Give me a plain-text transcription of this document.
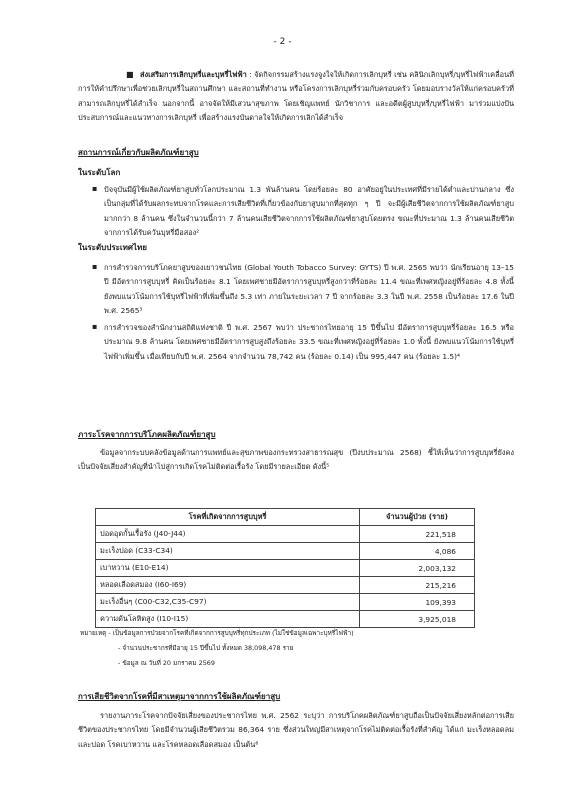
- 2 -
■ ส่งเสริมการเลิกบุหรี่และบุหรี่ไฟฟ้า : จัดกิจกรรมสร้างแรงจูงใจให้เกิดการเลิกบุหรี่ เช่น คลินิกเลิกบุหรี่/บุหรี่ไฟฟ้าเคลื่อนที่ การให้คำปรึกษาเพื่อช่วยเลิกบุหรี่ในสถานศึกษา และสถานที่ทำงาน หรือโครงการเลิกบุหรี่ร่วมกับครอบครัว โดยมอบรางวัลให้แก่ครอบครัวที่สามารถเลิกบุหรี่ได้สำเร็จ นอกจากนี้ อาจจัดให้มีเสวนาสุขภาพ โดยเชิญแพทย์ นักวิชาการ และอดีตผู้สูบบุหรี่/บุหรี่ไฟฟ้า มาร่วมแบ่งปันประสบการณ์และแนวทางการเลิกบุหรี่ เพื่อสร้างแรงบันดาลใจให้เกิดการเลิกได้สำเร็จ
สถานการณ์เกี่ยวกับผลิตภัณฑ์ยาสูบ
ในระดับโลก
▪ ปัจจุบันมีผู้ใช้ผลิตภัณฑ์ยาสูบทั่วโลกประมาณ 1.3 พันล้านคน โดยร้อยละ 80 อาศัยอยู่ในประเทศที่มีรายได้ต่ำและปานกลาง ซึ่งเป็นกลุ่มที่ได้รับผลกระทบจากโรคและการเสียชีวิตที่เกี่ยวข้องกับยาสูบมากที่สุดทุก ๆ ปี จะมีผู้เสียชีวิตจากการใช้ผลิตภัณฑ์ยาสูบมากกว่า 8 ล้านคน ซึ่งในจำนวนนี้กว่า 7 ล้านคนเสียชีวิตจากการใช้ผลิตภัณฑ์ยาสูบโดยตรง ขณะที่ประมาณ 1.3 ล้านคนเสียชีวิตจากการได้รับควันบุหรี่มือสอง²
ในระดับประเทศไทย
▪ การสำรวจการบริโภคยาสูบของเยาวชนไทย (Global Youth Tobacco Survey: GYTS) ปี พ.ศ. 2565 พบว่า นักเรียนอายุ 13–15 ปี มีอัตราการสูบบุหรี่ คิดเป็นร้อยละ 8.1 โดยเพศชายมีอัตราการสูบบุหรี่สูงกว่าที่ร้อยละ 11.4 ขณะที่เพศหญิงอยู่ที่ร้อยละ 4.8 ทั้งนี้ ยังพบแนวโน้มการใช้บุหรี่ไฟฟ้าที่เพิ่มขึ้นถึง 5.3 เท่า ภายในระยะเวลา 7 ปี จากร้อยละ 3.3 ในปี พ.ศ. 2558 เป็นร้อยละ 17.6 ในปี พ.ศ. 2565³
▪ การสำรวจของสำนักงานสถิติแห่งชาติ ปี พ.ศ. 2567 พบว่า ประชากรไทยอายุ 15 ปีขึ้นไป มีอัตราการสูบบุหรี่ร้อยละ 16.5 หรือประมาณ 9.8 ล้านคน โดยเพศชายมีอัตราการสูบสูงถึงร้อยละ 33.5 ขณะที่เพศหญิงอยู่ที่ร้อยละ 1.0 ทั้งนี้ ยังพบแนวโน้มการใช้บุหรี่ไฟฟ้าเพิ่มขึ้น เมื่อเทียบกับปี พ.ศ. 2564 จากจำนวน 78,742 คน (ร้อยละ 0.14) เป็น 995,447 คน (ร้อยละ 1.5)⁴
ภาระโรคจากการบริโภคผลิตภัณฑ์ยาสูบ
ข้อมูลจากระบบคลังข้อมูลด้านการแพทย์และสุขภาพของกระทรวงสาธารณสุข (ปีงบประมาณ 2568) ชี้ให้เห็นว่าการสูบบุหรี่ยังคงเป็นปัจจัยเสี่ยงสำคัญที่นำไปสู่การเกิดโรคไม่ติดต่อเรื้อรัง โดยมีรายละเอียด ดังนี้⁵
โรคที่เกิดจากการสูบบุหรี่	จำนวนผู้ป่วย (ราย)
ปอดอุดกั้นเรื้อรัง (J40-J44)	221,518
มะเร็งปอด (C33-C34)	4,086
เบาหวาน (E10-E14)	2,003,132
หลอดเลือดสมอง (I60-I69)	215,216
มะเร็งอื่นๆ (C00-C32,C35-C97)	109,393
ความดันโลหิตสูง (I10-I15)	3,925,018
หมายเหตุ - เป็นข้อมูลการป่วยจากโรคที่เกิดจากการสูบบุหรี่ทุกประเภท (ไม่ใช่ข้อมูลเฉพาะบุหรี่ไฟฟ้า)
- จำนวนประชากรที่มีอายุ 15 ปีขึ้นไป ทั้งหมด 38,098,478 ราย
- ข้อมูล ณ วันที่ 20 มกราคม 2569
การเสียชีวิตจากโรคที่มีสาเหตุมาจากการใช้ผลิตภัณฑ์ยาสูบ
รายงานภาระโรคจากปัจจัยเสี่ยงของประชากรไทย พ.ศ. 2562 ระบุว่า การบริโภคผลิตภัณฑ์ยาสูบถือเป็นปัจจัยเสี่ยงหลักต่อการเสียชีวิตของประชากรไทย โดยมีจำนวนผู้เสียชีวิตรวม 86,364 ราย ซึ่งส่วนใหญ่มีสาเหตุจากโรคไม่ติดต่อเรื้อรังที่สำคัญ ได้แก่ มะเร็งหลอดลมและปอด โรคเบาหวาน และโรคหลอดเลือดสมอง เป็นต้น⁶
